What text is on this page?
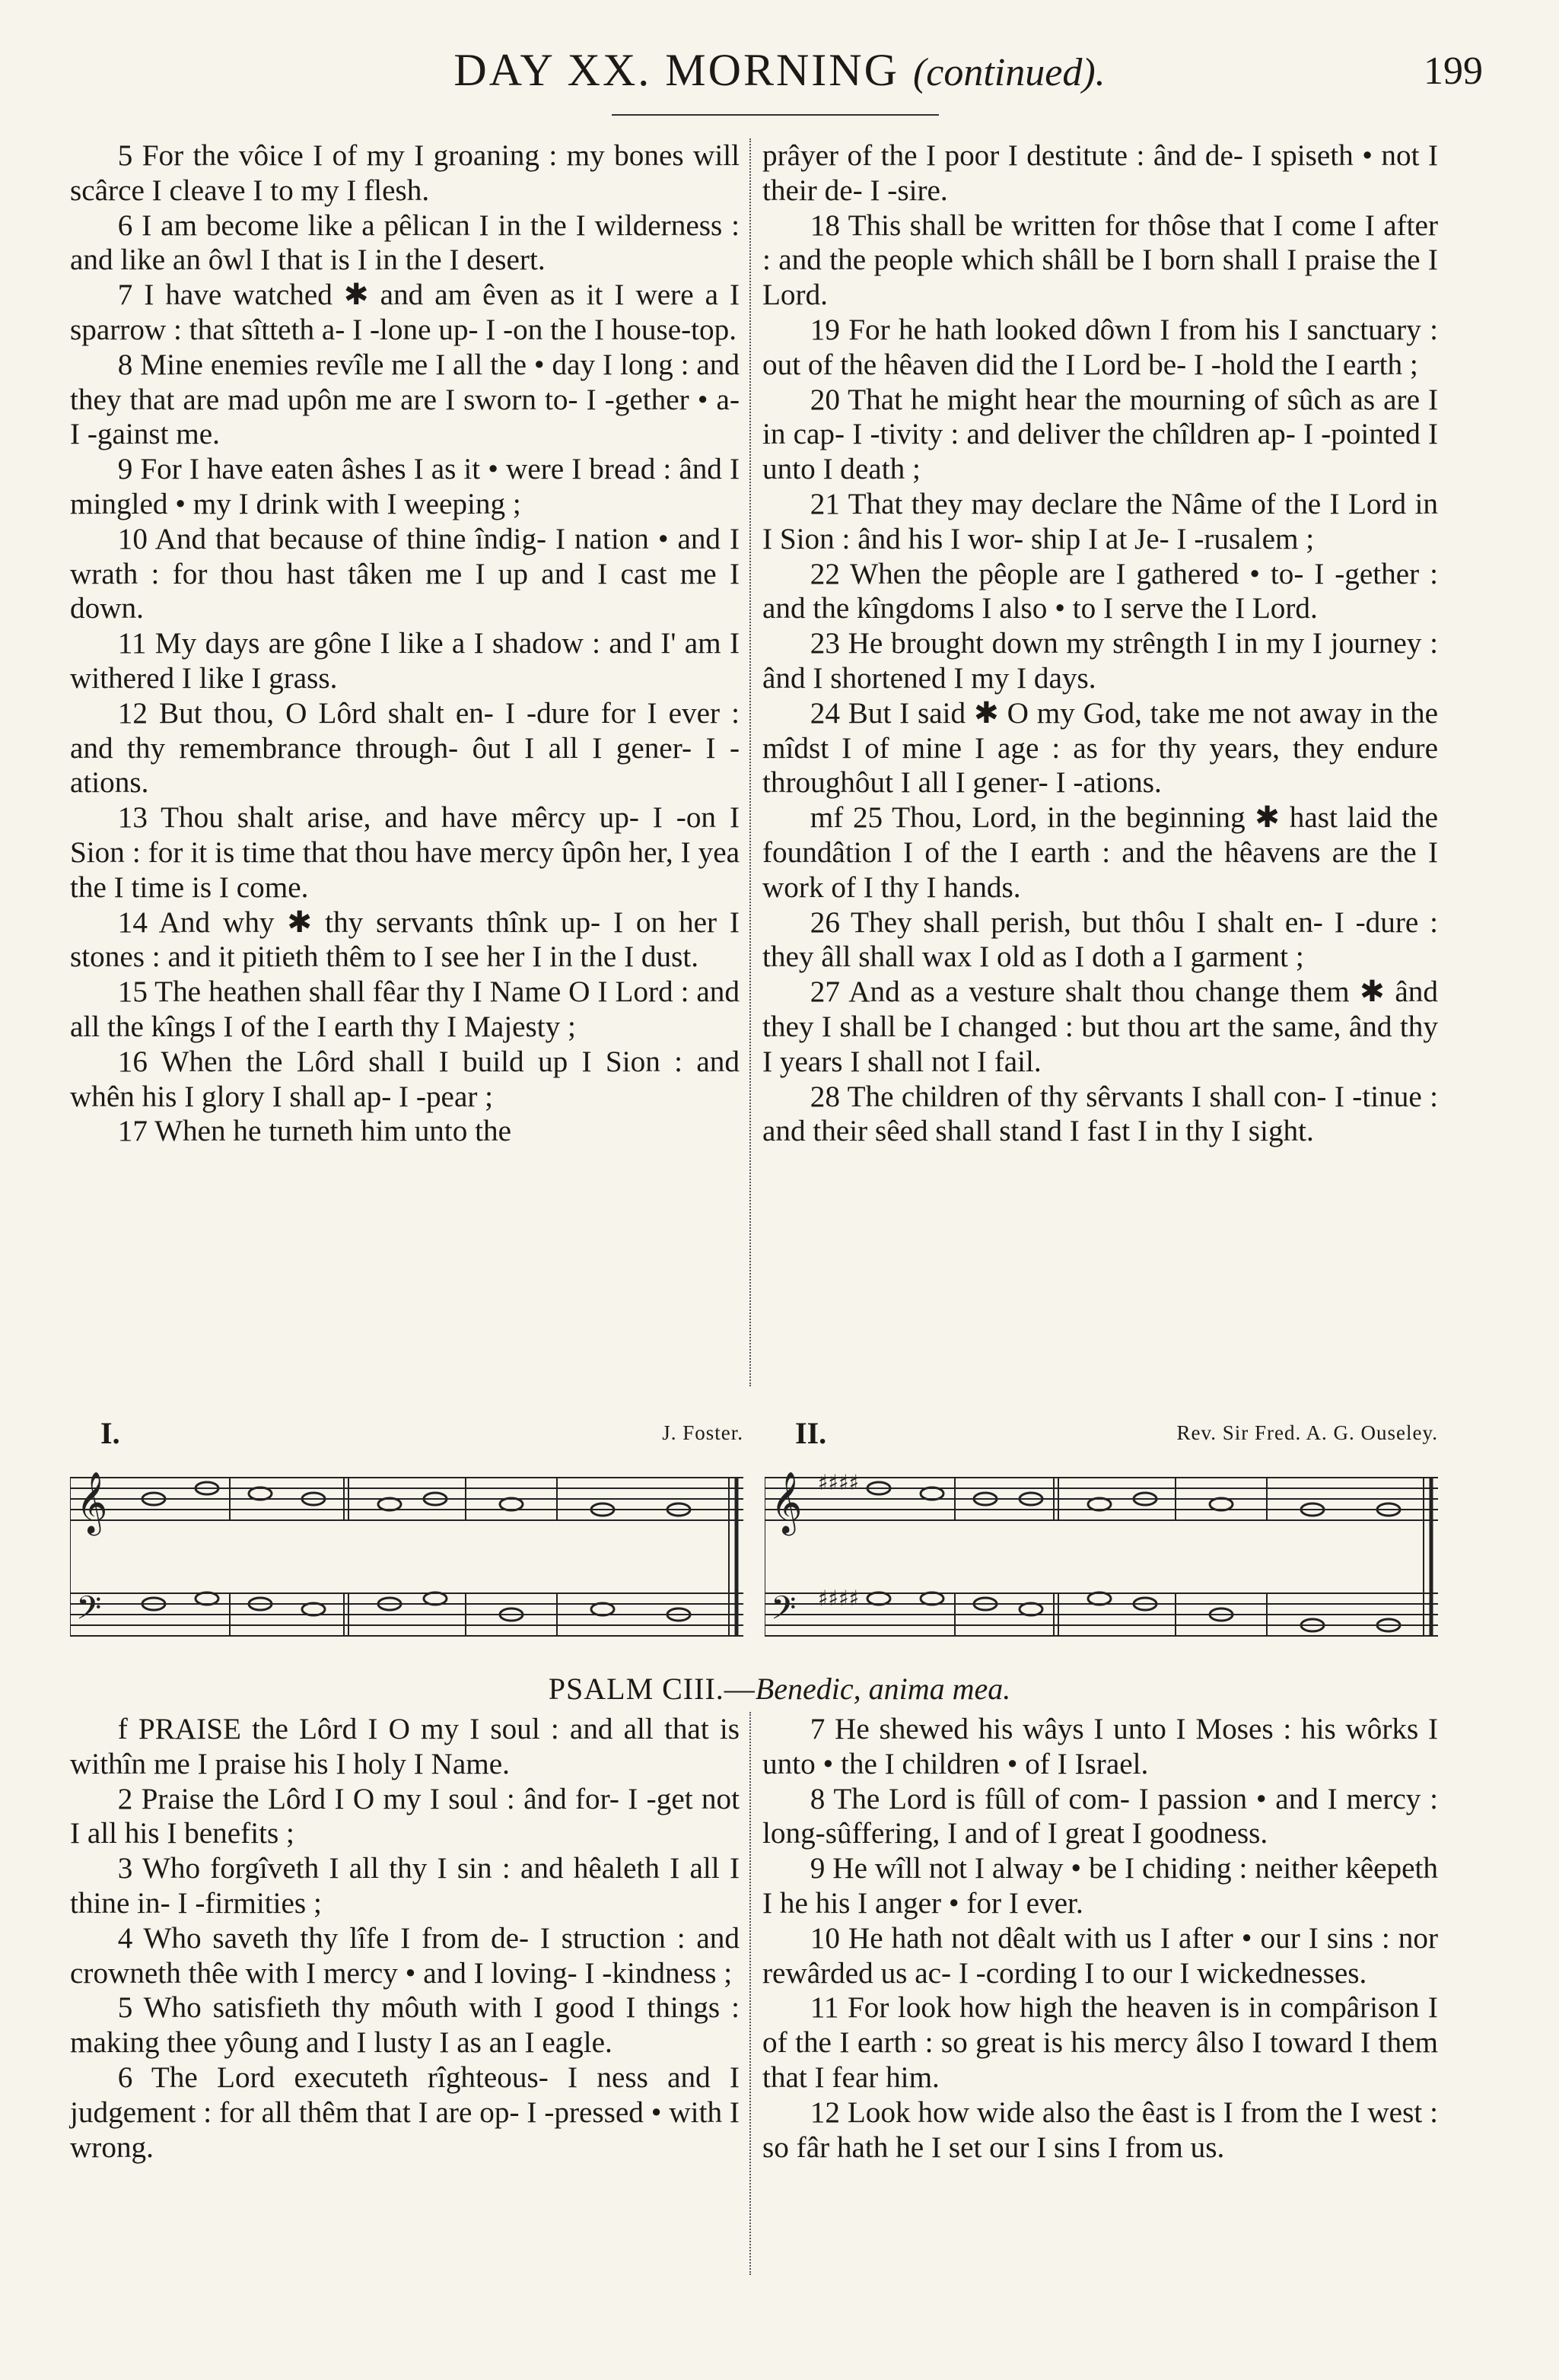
DAY XX. MORNING (continued).	199

5 For the vôice I of my I groaning : my bones will scârce I cleave I to my I flesh.

6 I am become like a pêlican I in the I wilderness : and like an ôwl I that is I in the I desert.

7 I have watched ✱ and am êven as it I were a I sparrow : that sîtteth a- I -lone up- I -on the I house-top.

8 Mine enemies revîle me I all the • day I long : and they that are mad upôn me are I sworn to- I -gether • a- I -gainst me.

9 For I have eaten âshes I as it • were I bread : ând I mingled • my I drink with I weeping ;

10 And that because of thine îndig- I nation • and I wrath : for thou hast tâken me I up and I cast me I down.

11 My days are gône I like a I shadow : and I' am I withered I like I grass.

12 But thou, O Lôrd shalt en- I -dure for I ever : and thy remembrance through- ôut I all I gener- I -ations.

13 Thou shalt arise, and have mêrcy up- I -on I Sion : for it is time that thou have mercy ûpôn her, I yea the I time is I come.

14 And why ✱ thy servants thînk up- I on her I stones : and it pitieth thêm to I see her I in the I dust.

15 The heathen shall fêar thy I Name O I Lord : and all the kîngs I of the I earth thy I Majesty ;

16 When the Lôrd shall I build up I Sion : and whên his I glory I shall ap- I -pear ;

17 When he turneth him unto the

prâyer of the I poor I destitute : ând de- I spiseth • not I their de- I -sire.

18 This shall be written for thôse that I come I after : and the people which shâll be I born shall I praise the I Lord.

19 For he hath looked dôwn I from his I sanctuary : out of the hêaven did the I Lord be- I -hold the I earth ;

20 That he might hear the mourning of sûch as are I in cap- I -tivity : and deliver the chîldren ap- I -pointed I unto I death ;

21 That they may declare the Nâme of the I Lord in I Sion : ând his I wor- ship I at Je- I -rusalem ;

22 When the pêople are I gathered • to- I -gether : and the kîngdoms I also • to I serve the I Lord.

23 He brought down my strêngth I in my I journey : ând I shortened I my I days.

24 But I said ✱ O my God, take me not away in the mîdst I of mine I age : as for thy years, they endure throughôut I all I gener- I -ations.

mf 25 Thou, Lord, in the beginning ✱ hast laid the foundâtion I of the I earth : and the hêavens are the I work of I thy I hands.

26 They shall perish, but thôu I shalt en- I -dure : they âll shall wax I old as I doth a I garment ;

27 And as a vesture shalt thou change them ✱ ând they I shall be I changed : but thou art the same, ând thy I years I shall not I fail.

28 The children of thy sêrvants I shall con- I -tinue : and their sêed shall stand I fast I in thy I sight.

I.	J. Foster.
𝄞
𝄢
II.	Rev. Sir Fred. A. G. Ouseley.
𝄞
𝄢
♯♯♯♯
♯♯♯♯
PSALM CIII.—Benedic, anima mea.

f PRAISE the Lôrd I O my I soul : and all that is withîn me I praise his I holy I Name.

2 Praise the Lôrd I O my I soul : ând for- I -get not I all his I benefits ;

3 Who forgîveth I all thy I sin : and hêaleth I all I thine in- I -firmities ;

4 Who saveth thy lîfe I from de- I struction : and crowneth thêe with I mercy • and I loving- I -kindness ;

5 Who satisfieth thy môuth with I good I things : making thee yôung and I lusty I as an I eagle.

6 The Lord executeth rîghteous- I ness and I judgement : for all thêm that I are op- I -pressed • with I wrong.

7 He shewed his wâys I unto I Moses : his wôrks I unto • the I children • of I Israel.

8 The Lord is fûll of com- I passion • and I mercy : long-sûffering, I and of I great I goodness.

9 He wîll not I alway • be I chiding : neither kêepeth I he his I anger • for I ever.

10 He hath not dêalt with us I after • our I sins : nor rewârded us ac- I -cording I to our I wickednesses.

11 For look how high the heaven is in compârison I of the I earth : so great is his mercy âlso I toward I them that I fear him.

12 Look how wide also the êast is I from the I west : so fâr hath he I set our I sins I from us.
